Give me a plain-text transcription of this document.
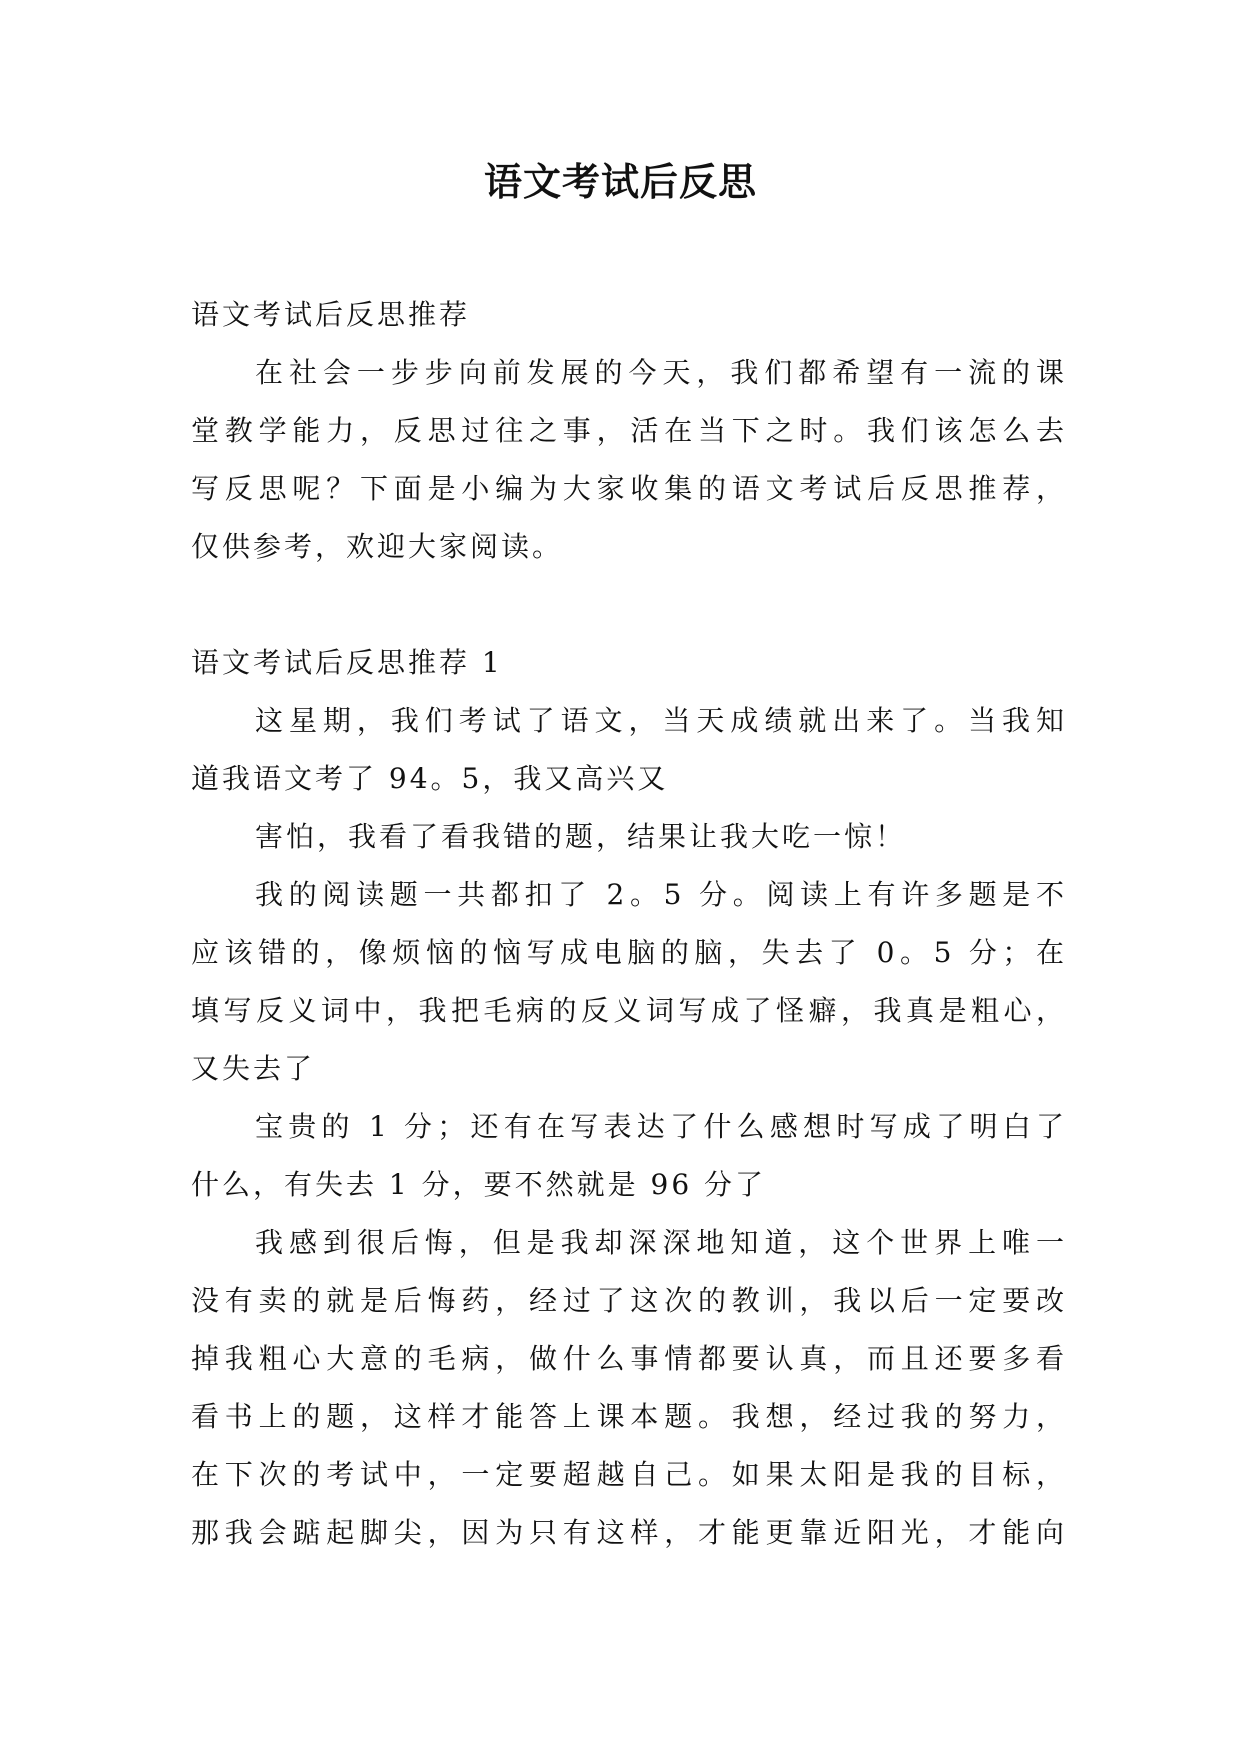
语文考试后反思
语文考试后反思推荐
在社会一步步向前发展的今天，我们都希望有一流的课
堂教学能力，反思过往之事，活在当下之时。我们该怎么去
写反思呢？下面是小编为大家收集的语文考试后反思推荐，
仅供参考，欢迎大家阅读。
语文考试后反思推荐 1
这星期，我们考试了语文，当天成绩就出来了。当我知
道我语文考了 94。5，我又高兴又
害怕，我看了看我错的题，结果让我大吃一惊！
我的阅读题一共都扣了 2。5 分。阅读上有许多题是不
应该错的，像烦恼的恼写成电脑的脑，失去了 0。5 分；在
填写反义词中，我把毛病的反义词写成了怪癖，我真是粗心，
又失去了
宝贵的 1 分；还有在写表达了什么感想时写成了明白了
什么，有失去 1 分，要不然就是 96 分了
我感到很后悔，但是我却深深地知道，这个世界上唯一
没有卖的就是后悔药，经过了这次的教训，我以后一定要改
掉我粗心大意的毛病，做什么事情都要认真，而且还要多看
看书上的题，这样才能答上课本题。我想，经过我的努力，
在下次的考试中，一定要超越自己。如果太阳是我的目标，
那我会踮起脚尖，因为只有这样，才能更靠近阳光，才能向
